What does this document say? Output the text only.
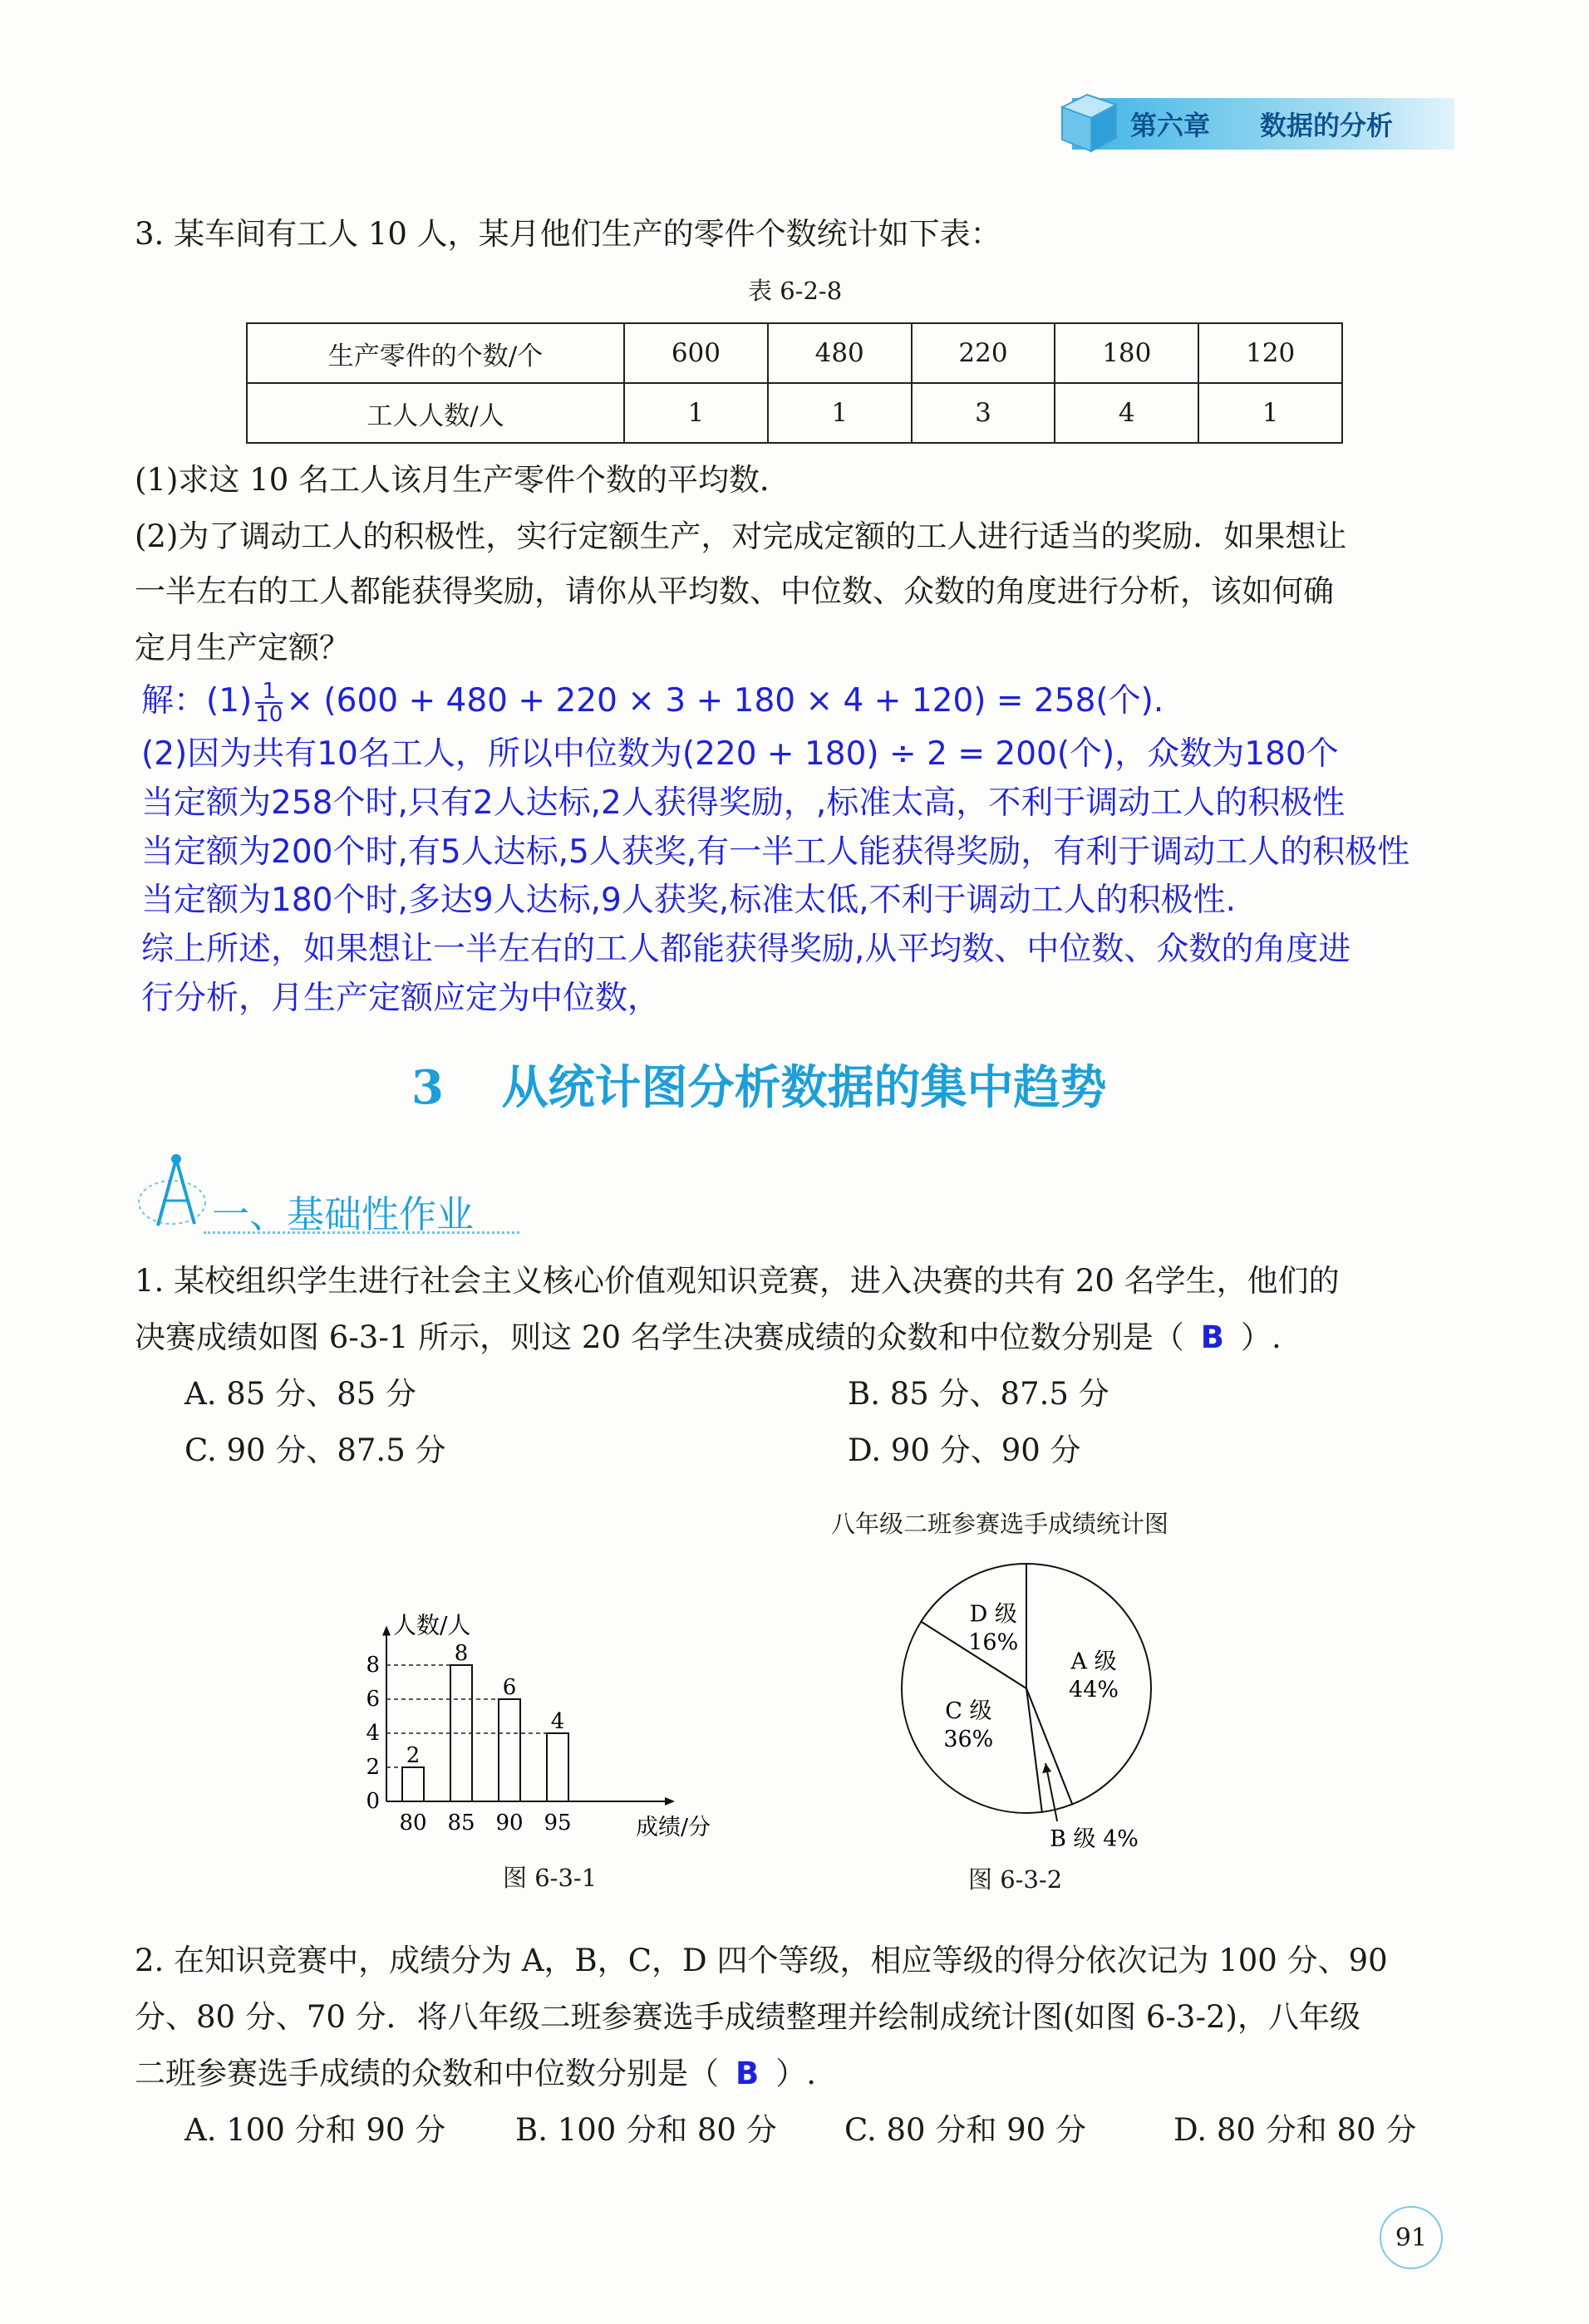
第六章 数据的分析
3. 某车间有工人 10 人，某月他们生产的零件个数统计如下表：
表 6-2-8
生产零件的个数/个	600	480	220	180	120
工人人数/人	1	1	3	4	1
(1)求这 10 名工人该月生产零件个数的平均数．
(2)为了调动工人的积极性，实行定额生产，对完成定额的工人进行适当的奖励．如果想让
一半左右的工人都能获得奖励，请你从平均数、中位数、众数的角度进行分析，该如何确
定月生产定额？
解：$(1) \frac{1}{10} \times (600 + 480 + 220 \times 3 + 180 \times 4 + 120) = 258$(个).
(2)因为共有10名工人，所以中位数为(220 + 180) ÷ 2 = 200(个)，众数为180个
当定额为258个时,只有2人达标,2人获得奖励，,标准太高，不利于调动工人的积极性
当定额为200个时,有5人达标,5人获奖,有一半工人能获得奖励，有利于调动工人的积极性
当定额为180个时,多达9人达标,9人获奖,标准太低,不利于调动工人的积极性.
综上所述，如果想让一半左右的工人都能获得奖励,从平均数、中位数、众数的角度进
行分析，月生产定额应定为中位数，
3 从统计图分析数据的集中趋势
一、基础性作业
1. 某校组织学生进行社会主义核心价值观知识竞赛，进入决赛的共有 20 名学生，他们的
决赛成绩如图 6-3-1 所示，则这 20 名学生决赛成绩的众数和中位数分别是（ B ）.
A. 85 分、85 分	B. 85 分、87.5 分
C. 90 分、87.5 分	D. 90 分、90 分
人数/人
成绩/分
0
2
4
6
8
2
80
8
85
6
90
4
95
图 6-3-1
八年级二班参赛选手成绩统计图
A 级
44%
B 级 4%
C 级
36%
D 级
16%
图 6-3-2
2. 在知识竞赛中，成绩分为 A，B，C，D 四个等级，相应等级的得分依次记为 100 分、90
分、80 分、70 分．将八年级二班参赛选手成绩整理并绘制成统计图(如图 6-3-2)，八年级
二班参赛选手成绩的众数和中位数分别是（ B ）.
A. 100 分和 90 分 B. 100 分和 80 分 C. 80 分和 90 分	D. 80 分和 80 分
91
